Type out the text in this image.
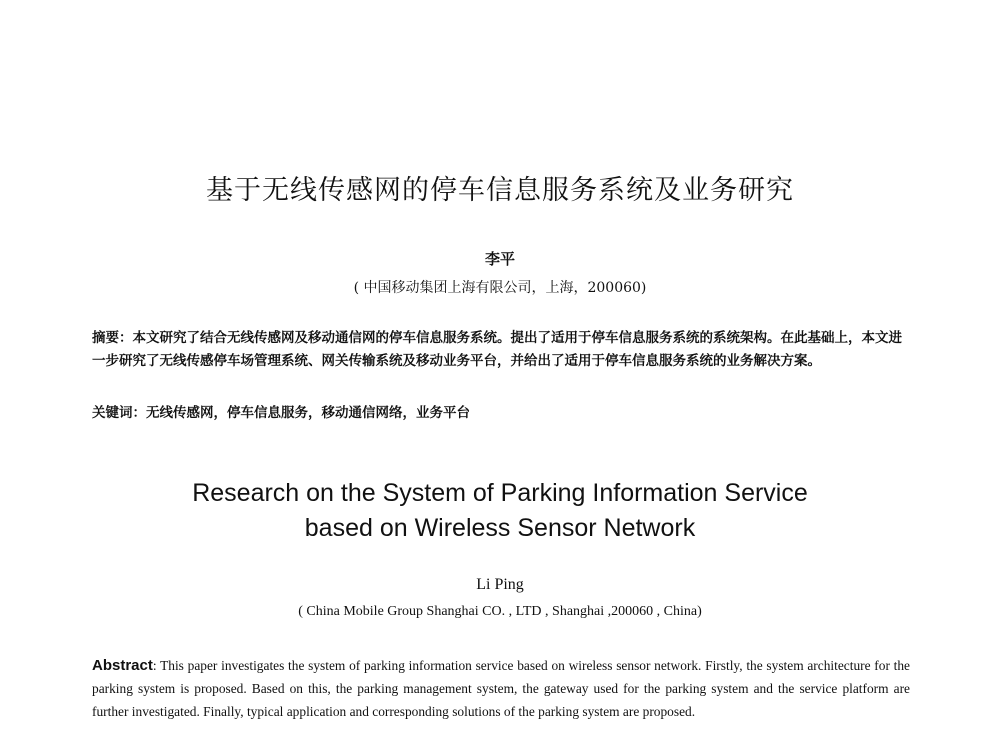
基于无线传感网的停车信息服务系统及业务研究
李平
( 中国移动集团上海有限公司，上海，200060)
摘要：本文研究了结合无线传感网及移动通信网的停车信息服务系统。提出了适用于停车信息服务系统的系统架构。在此基础上，本文进一步研究了无线传感停车场管理系统、网关传输系统及移动业务平台，并给出了适用于停车信息服务系统的业务解决方案。
关键词：无线传感网，停车信息服务，移动通信网络，业务平台
Research on the System of Parking Information Service
based on Wireless Sensor Network
Li Ping
( China Mobile Group Shanghai CO. , LTD , Shanghai ,200060 , China)
Abstract: This paper investigates the system of parking information service based on wireless sensor network. Firstly, the system architecture for the parking system is proposed. Based on this, the parking management system, the gateway used for the parking system and the service platform are further investigated. Finally, typical application and corresponding solutions of the parking system are proposed.
